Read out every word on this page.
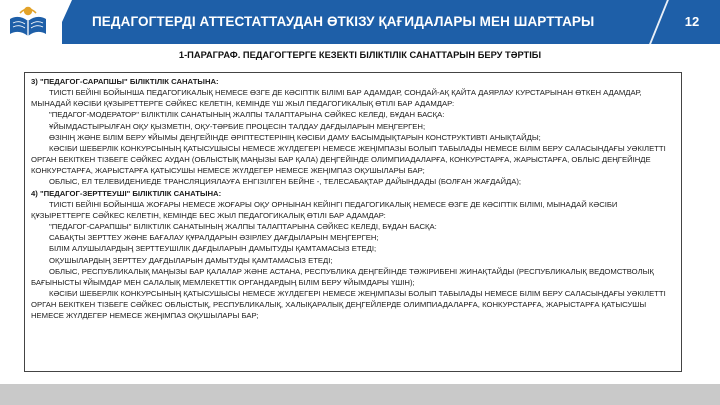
ПЕДАГОГТЕРДІ АТТЕСТАТТАУДАН ӨТКІЗУ ҚАҒИДАЛАРЫ МЕН ШАРТТАРЫ	12
1-ПАРАГРАФ. ПЕДАГОГТЕРГЕ КЕЗЕКТІ БІЛІКТІЛІК САНАТТАРЫН БЕРУ ТӘРТІБІ

3) "ПЕДАГОГ-САРАПШЫ" БІЛІКТІЛІК САНАТЫНА:

ТИІСТІ БЕЙІНІ БОЙЫНША ПЕДАГОГИКАЛЫҚ НЕМЕСЕ ӨЗГЕ ДЕ КӘСІПТІК БІЛІМІ БАР АДАМДАР, СОНДАЙ-АҚ ҚАЙТА ДАЯРЛАУ КУРСТАРЫНАН ӨТКЕН АДАМДАР, МЫНАДАЙ КӘСІБИ ҚҰЗЫРЕТТЕРГЕ СӘЙКЕС КЕЛЕТІН, КЕМІНДЕ ҮШ ЖЫЛ ПЕДАГОГИКАЛЫҚ ӨТІЛІ БАР АДАМДАР:

"ПЕДАГОГ-МОДЕРАТОР" БІЛІКТІЛІК САНАТЫНЫҢ ЖАЛПЫ ТАЛАПТАРЫНА СӘЙКЕС КЕЛЕДІ, БҰДАН БАСҚА:

ҰЙЫМДАСТЫРЫЛҒАН ОҚУ ҚЫЗМЕТІН, ОҚУ-ТӘРБИЕ ПРОЦЕСІН ТАЛДАУ ДАҒДЫЛАРЫН МЕҢГЕРГЕН;

ӨЗІНІҢ ЖӘНЕ БІЛІМ БЕРУ ҰЙЫМЫ ДЕҢГЕЙІНДЕ ӘРІПТЕСТЕРІНІҢ КӘСІБИ ДАМУ БАСЫМДЫҚТАРЫН КОНСТРУКТИВТІ АНЫҚТАЙДЫ;

КӘСІБИ ШЕБЕРЛІК КОНКУРСЫНЫҢ ҚАТЫСУШЫСЫ НЕМЕСЕ ЖҮЛДЕГЕРІ НЕМЕСЕ ЖЕҢІМПАЗЫ БОЛЫП ТАБЫЛАДЫ НЕМЕСЕ БІЛІМ БЕРУ САЛАСЫНДАҒЫ УӘКІЛЕТТІ ОРГАН БЕКІТКЕН ТІЗБЕГЕ СӘЙКЕС АУДАН (ОБЛЫСТЫҚ МАҢЫЗЫ БАР ҚАЛА) ДЕҢГЕЙІНДЕ ОЛИМПИАДАЛАРҒА, КОНКУРСТАРҒА, ЖАРЫСТАРҒА, ОБЛЫС ДЕҢГЕЙІНДЕ КОНКУРСТАРҒА, ЖАРЫСТАРҒА ҚАТЫСУШЫ НЕМЕСЕ ЖҮЛДЕГЕР НЕМЕСЕ ЖЕҢІМПАЗ ОҚУШЫЛАРЫ БАР;

ОБЛЫС, ЕЛ ТЕЛЕВИДЕНИЕДЕ ТРАНСЛЯЦИЯЛАУҒА ЕНГІЗІЛГЕН БЕЙНЕ -, ТЕЛЕСАБАҚТАР ДАЙЫНДАДЫ (БОЛҒАН ЖАҒДАЙДА);

4) "ПЕДАГОГ-ЗЕРТТЕУШІ" БІЛІКТІЛІК САНАТЫНА:

ТИІСТІ БЕЙІНІ БОЙЫНША ЖОҒАРЫ НЕМЕСЕ ЖОҒАРЫ ОҚУ ОРНЫНАН КЕЙІНГІ ПЕДАГОГИКАЛЫҚ НЕМЕСЕ ӨЗГЕ ДЕ КӘСІПТІК БІЛІМІ, МЫНАДАЙ КӘСІБИ ҚҰЗЫРЕТТЕРГЕ СӘЙКЕС КЕЛЕТІН, КЕМІНДЕ БЕС ЖЫЛ ПЕДАГОГИКАЛЫҚ ӨТІЛІ БАР АДАМДАР:

"ПЕДАГОГ-САРАПШЫ" БІЛІКТІЛІК САНАТЫНЫҢ ЖАЛПЫ ТАЛАПТАРЫНА СӘЙКЕС КЕЛЕДІ, БҰДАН БАСҚА:

САБАҚТЫ ЗЕРТТЕУ ЖӘНЕ БАҒАЛАУ ҚҰРАЛДАРЫН ӘЗІРЛЕУ ДАҒДЫЛАРЫН МЕҢГЕРГЕН;

БІЛІМ АЛУШЫЛАРДЫҢ ЗЕРТТЕУШІЛІК ДАҒДЫЛАРЫН ДАМЫТУДЫ ҚАМТАМАСЫЗ ЕТЕДІ;

ОҚУШЫЛАРДЫҢ ЗЕРТТЕУ ДАҒДЫЛАРЫН ДАМЫТУДЫ ҚАМТАМАСЫЗ ЕТЕДІ;

ОБЛЫС, РЕСПУБЛИКАЛЫҚ МАҢЫЗЫ БАР ҚАЛАЛАР ЖӘНЕ АСТАНА, РЕСПУБЛИКА ДЕҢГЕЙІНДЕ ТӘЖІРИБЕНІ ЖИНАҚТАЙДЫ (РЕСПУБЛИКАЛЫҚ ВЕДОМСТВОЛЫҚ БАҒЫНЫСТЫ ҰЙЫМДАР МЕН САЛАЛЫҚ МЕМЛЕКЕТТІК ОРГАНДАРДЫҢ БІЛІМ БЕРУ ҰЙЫМДАРЫ ҮШІН);

КӘСІБИ ШЕБЕРЛІК КОНКУРСЫНЫҢ ҚАТЫСУШЫСЫ НЕМЕСЕ ЖҮЛДЕГЕРІ НЕМЕСЕ ЖЕҢІМПАЗЫ БОЛЫП ТАБЫЛАДЫ НЕМЕСЕ БІЛІМ БЕРУ САЛАСЫНДАҒЫ УӘКІЛЕТТІ ОРГАН БЕКІТКЕН ТІЗБЕГЕ СӘЙКЕС ОБЛЫСТЫҚ, РЕСПУБЛИКАЛЫҚ, ХАЛЫҚАРАЛЫҚ ДЕҢГЕЙЛЕРДЕ ОЛИМПИАДАЛАРҒА, КОНКУРСТАРҒА, ЖАРЫСТАРҒА ҚАТЫСУШЫ НЕМЕСЕ ЖҮЛДЕГЕР НЕМЕСЕ ЖЕҢІМПАЗ ОҚУШЫЛАРЫ БАР;
